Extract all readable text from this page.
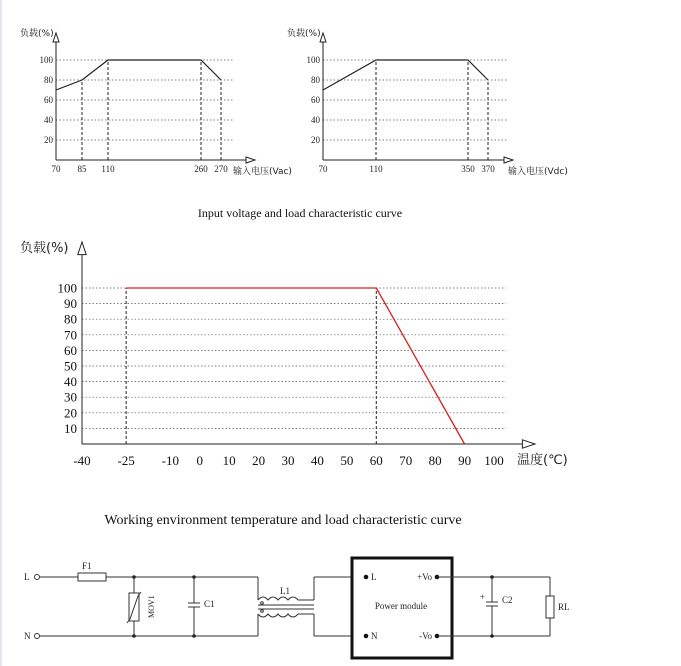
20
40
60
80
100
70 85 110	260 270
负载(%)
输入电压(Vac)
20
40
60
80
100
70	110	350 370
负载(%)
输入电压(Vdc)
Input voltage and load characteristic curve
10
20
30
40
50
60
70
80
90
100
-40 -25 -10 0 10 20 30 40 50 60 70 80 90 100
负载(%)
温度(℃)
Working environment temperature and load characteristic curve
L
F1
N
MOV1	C1
L1
L
N
+Vo
-Vo
Power module
+ C2
RL
